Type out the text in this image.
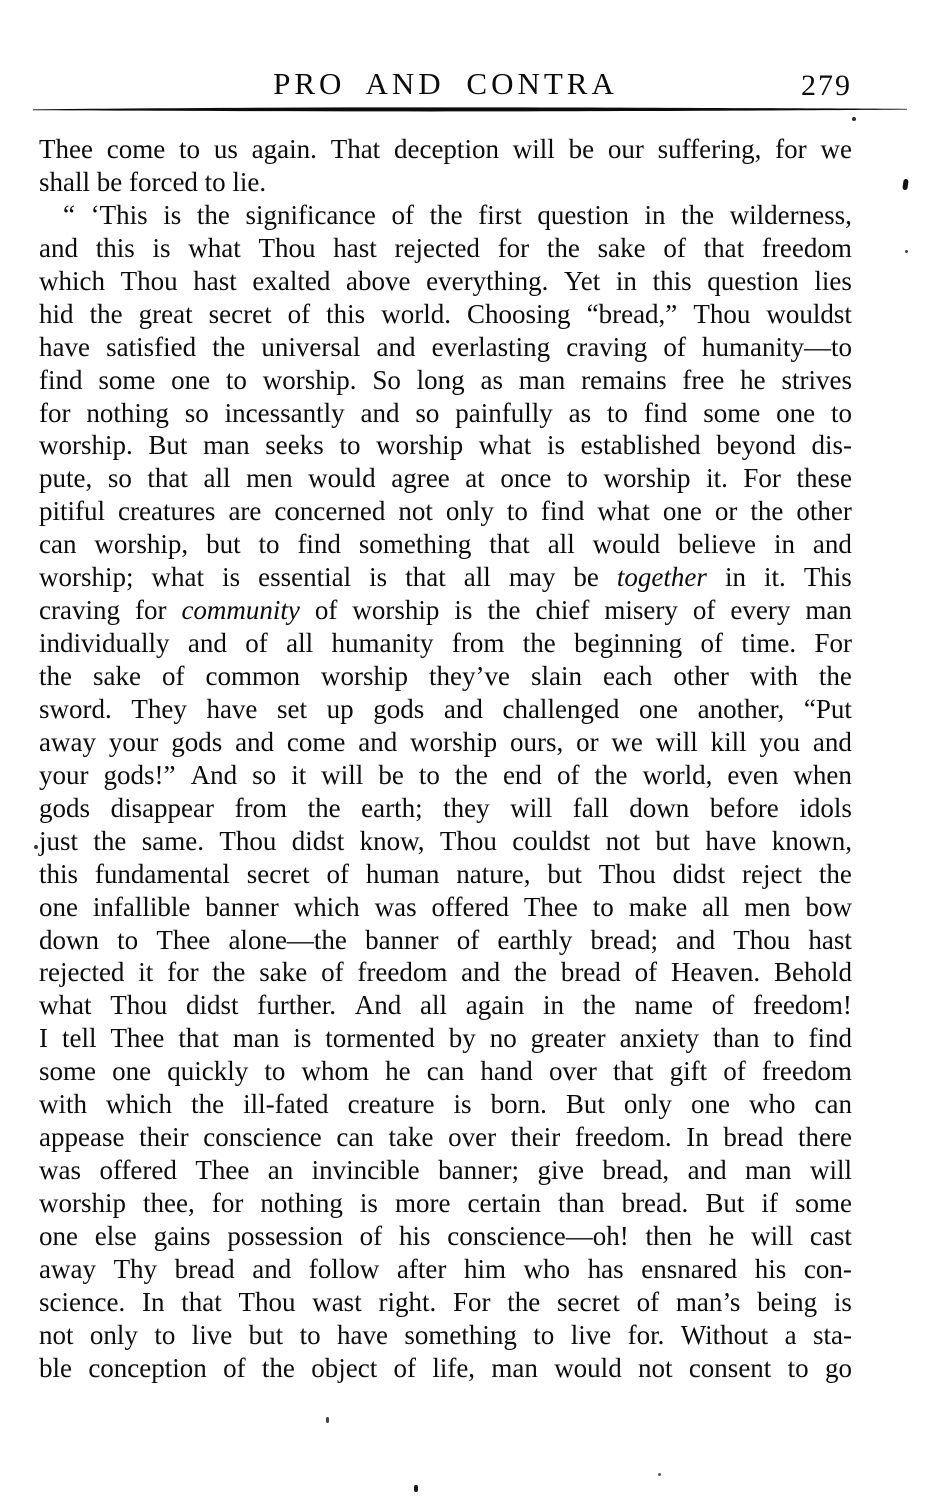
PRO AND CONTRA	279
Thee come to us again. That deception will be our suffering, for we
shall be forced to lie.
“ ‘This is the significance of the first question in the wilderness,
and this is what Thou hast rejected for the sake of that freedom
which Thou hast exalted above everything. Yet in this question lies
hid the great secret of this world. Choosing “bread,” Thou wouldst
have satisfied the universal and everlasting craving of humanity—to
find some one to worship. So long as man remains free he strives
for nothing so incessantly and so painfully as to find some one to
worship. But man seeks to worship what is established beyond dis-
pute, so that all men would agree at once to worship it. For these
pitiful creatures are concerned not only to find what one or the other
can worship, but to find something that all would believe in and
worship; what is essential is that all may be together in it. This
craving for community of worship is the chief misery of every man
individually and of all humanity from the beginning of time. For
the sake of common worship they’ve slain each other with the
sword. They have set up gods and challenged one another, “Put
away your gods and come and worship ours, or we will kill you and
your gods!” And so it will be to the end of the world, even when
gods disappear from the earth; they will fall down before idols
just the same. Thou didst know, Thou couldst not but have known,
this fundamental secret of human nature, but Thou didst reject the
one infallible banner which was offered Thee to make all men bow
down to Thee alone—the banner of earthly bread; and Thou hast
rejected it for the sake of freedom and the bread of Heaven. Behold
what Thou didst further. And all again in the name of freedom!
I tell Thee that man is tormented by no greater anxiety than to find
some one quickly to whom he can hand over that gift of freedom
with which the ill-fated creature is born. But only one who can
appease their conscience can take over their freedom. In bread there
was offered Thee an invincible banner; give bread, and man will
worship thee, for nothing is more certain than bread. But if some
one else gains possession of his conscience—oh! then he will cast
away Thy bread and follow after him who has ensnared his con-
science. In that Thou wast right. For the secret of man’s being is
not only to live but to have something to live for. Without a sta-
ble conception of the object of life, man would not consent to go
